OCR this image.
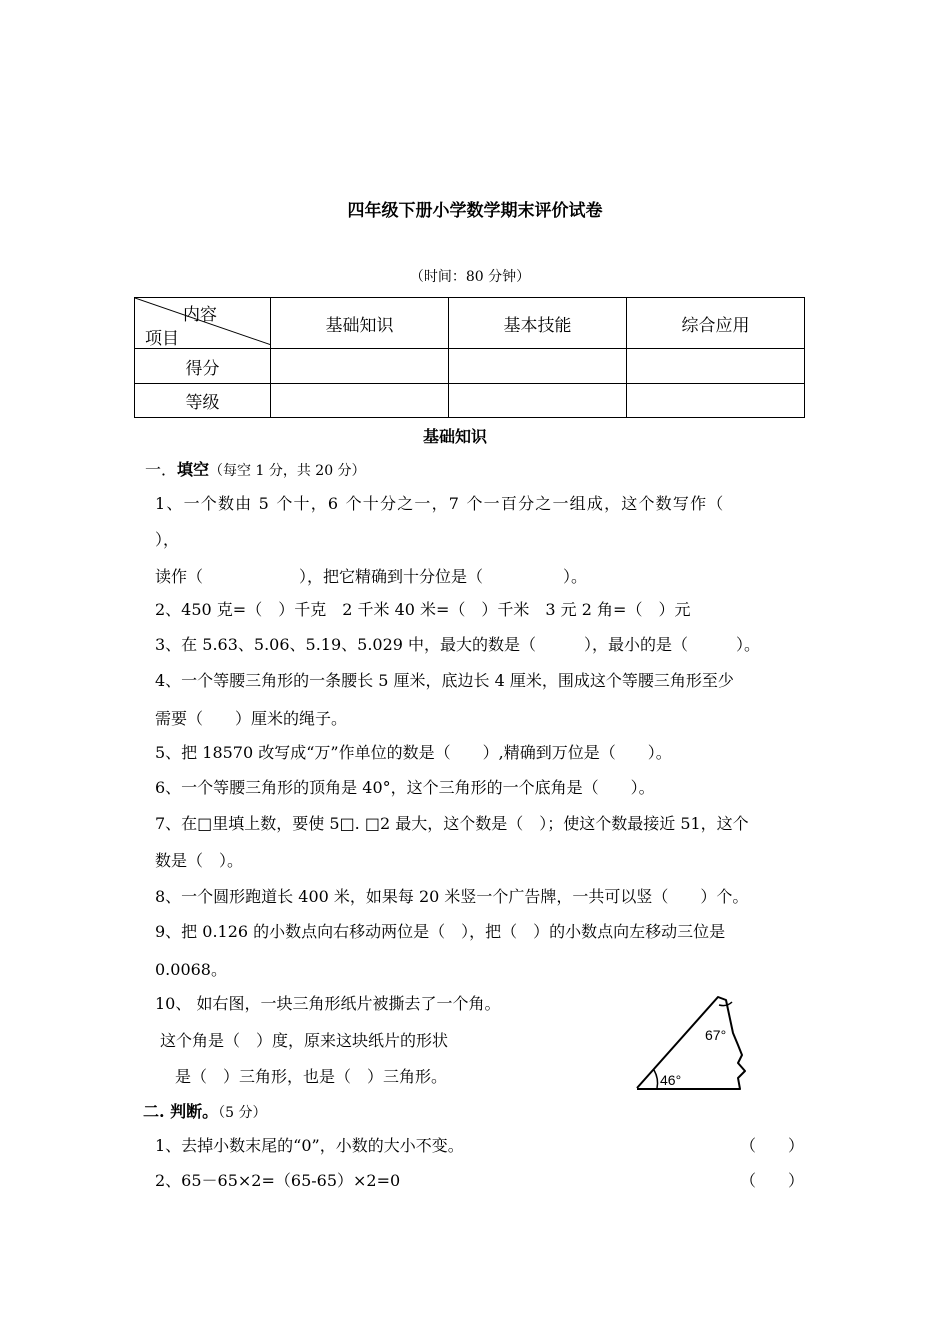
四年级下册小学数学期末评价试卷
（时间：80 分钟）
内容
项目	基础知识	基本技能	综合应用
得分			
等级			
基础知识
一．填空（每空 1 分，共 20 分）
1、一个数由 5 个十，6 个十分之一，7 个一百分之一组成，这个数写作（
），
读作（　　　　　　），把它精确到十分位是（　　　　　）。
2、450 克=（　）千克　2 千米 40 米=（　）千米　3 元 2 角=（　）元
3、在 5.63、5.06、5.19、5.029 中，最大的数是（　　　），最小的是（　　　）。
4、一个等腰三角形的一条腰长 5 厘米，底边长 4 厘米，围成这个等腰三角形至少
需要（　　）厘米的绳子。
5、把 18570 改写成“万”作单位的数是（　　）,精确到万位是（　　）。
6、一个等腰三角形的顶角是 40°，这个三角形的一个底角是（　　）。
7、在□里填上数，要使 5□. □2 最大，这个数是（　）；使这个数最接近 51，这个
数是（　）。
8、一个圆形跑道长 400 米，如果每 20 米竖一个广告牌，一共可以竖（　　）个。
9、把 0.126 的小数点向右移动两位是（　），把（　）的小数点向左移动三位是
0.0068。
10、 如右图，一块三角形纸片被撕去了一个角。
这个角是（　）度，原来这块纸片的形状
是（　）三角形，也是（　）三角形。
67°
46°
二. 判断。（5 分）
1、去掉小数末尾的“0”，小数的大小不变。	（　　）
2、65－65×2=（65-65）×2=0	（　　）
